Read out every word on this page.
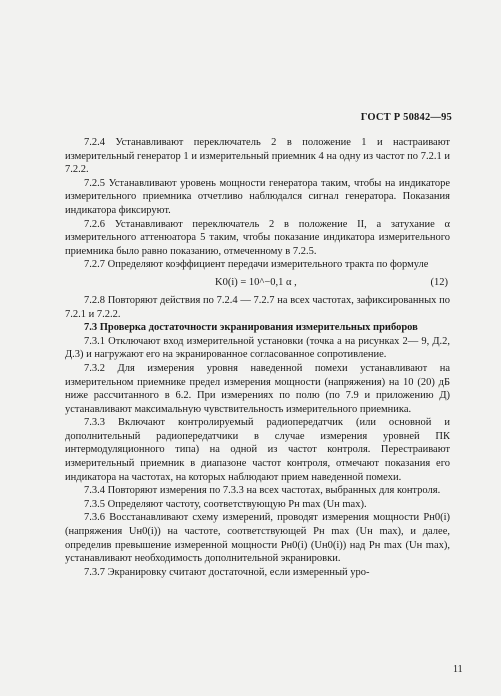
ГОСТ Р 50842—95

7.2.4 Устанавливают переключатель 2 в положение 1 и настраивают измерительный генератор 1 и измерительный приемник 4 на одну из частот по 7.2.1 и 7.2.2.

7.2.5 Устанавливают уровень мощности генератора таким, чтобы на индикаторе измерительного приемника отчетливо наблюдался сигнал генератора. Показания индикатора фиксируют.

7.2.6 Устанавливают переключатель 2 в положение II, а затухание α измерительного аттенюатора 5 таким, чтобы показание индикатора измерительного приемника было равно показанию, отмеченному в 7.2.5.

7.2.7 Определяют коэффициент передачи измерительного тракта по формуле

K0(i) = 10^−0,1 α ,	(12)

7.2.8 Повторяют действия по 7.2.4 — 7.2.7 на всех частотах, зафиксированных по 7.2.1 и 7.2.2.

7.3 Проверка достаточности экранирования измерительных приборов

7.3.1 Отключают вход измерительной установки (точка а на рисунках 2— 9, Д.2, Д.3) и нагружают его на экранированное согласованное сопротивление.

7.3.2 Для измерения уровня наведенной помехи устанавливают на измерительном приемнике предел измерения мощности (напряжения) на 10 (20) дБ ниже рассчитанного в 6.2. При измерениях по полю (по 7.9 и приложению Д) устанавливают максимальную чувствительность измерительного приемника.

7.3.3 Включают контролируемый радиопередатчик (или основной и дополнительный радиопередатчики в случае измерения уровней ПК интермодуляционного типа) на одной из частот контроля. Перестраивают измерительный приемник в диапазоне частот контроля, отмечают показания его индикатора на частотах, на которых наблюдают прием наведенной помехи.

7.3.4 Повторяют измерения по 7.3.3 на всех частотах, выбранных для контроля.

7.3.5 Определяют частоту, соответствующую Pн max (Uн max).

7.3.6 Восстанавливают схему измерений, проводят измерения мощности Pн0(i) (напряжения Uн0(i)) на частоте, соответствующей Pн max (Uн max), и далее, определив превышение измеренной мощности Pн0(i) (Uн0(i)) над Pн max (Uн max), устанавливают необходимость дополнительной экранировки.

7.3.7 Экранировку считают достаточной, если измеренный уро-

11
